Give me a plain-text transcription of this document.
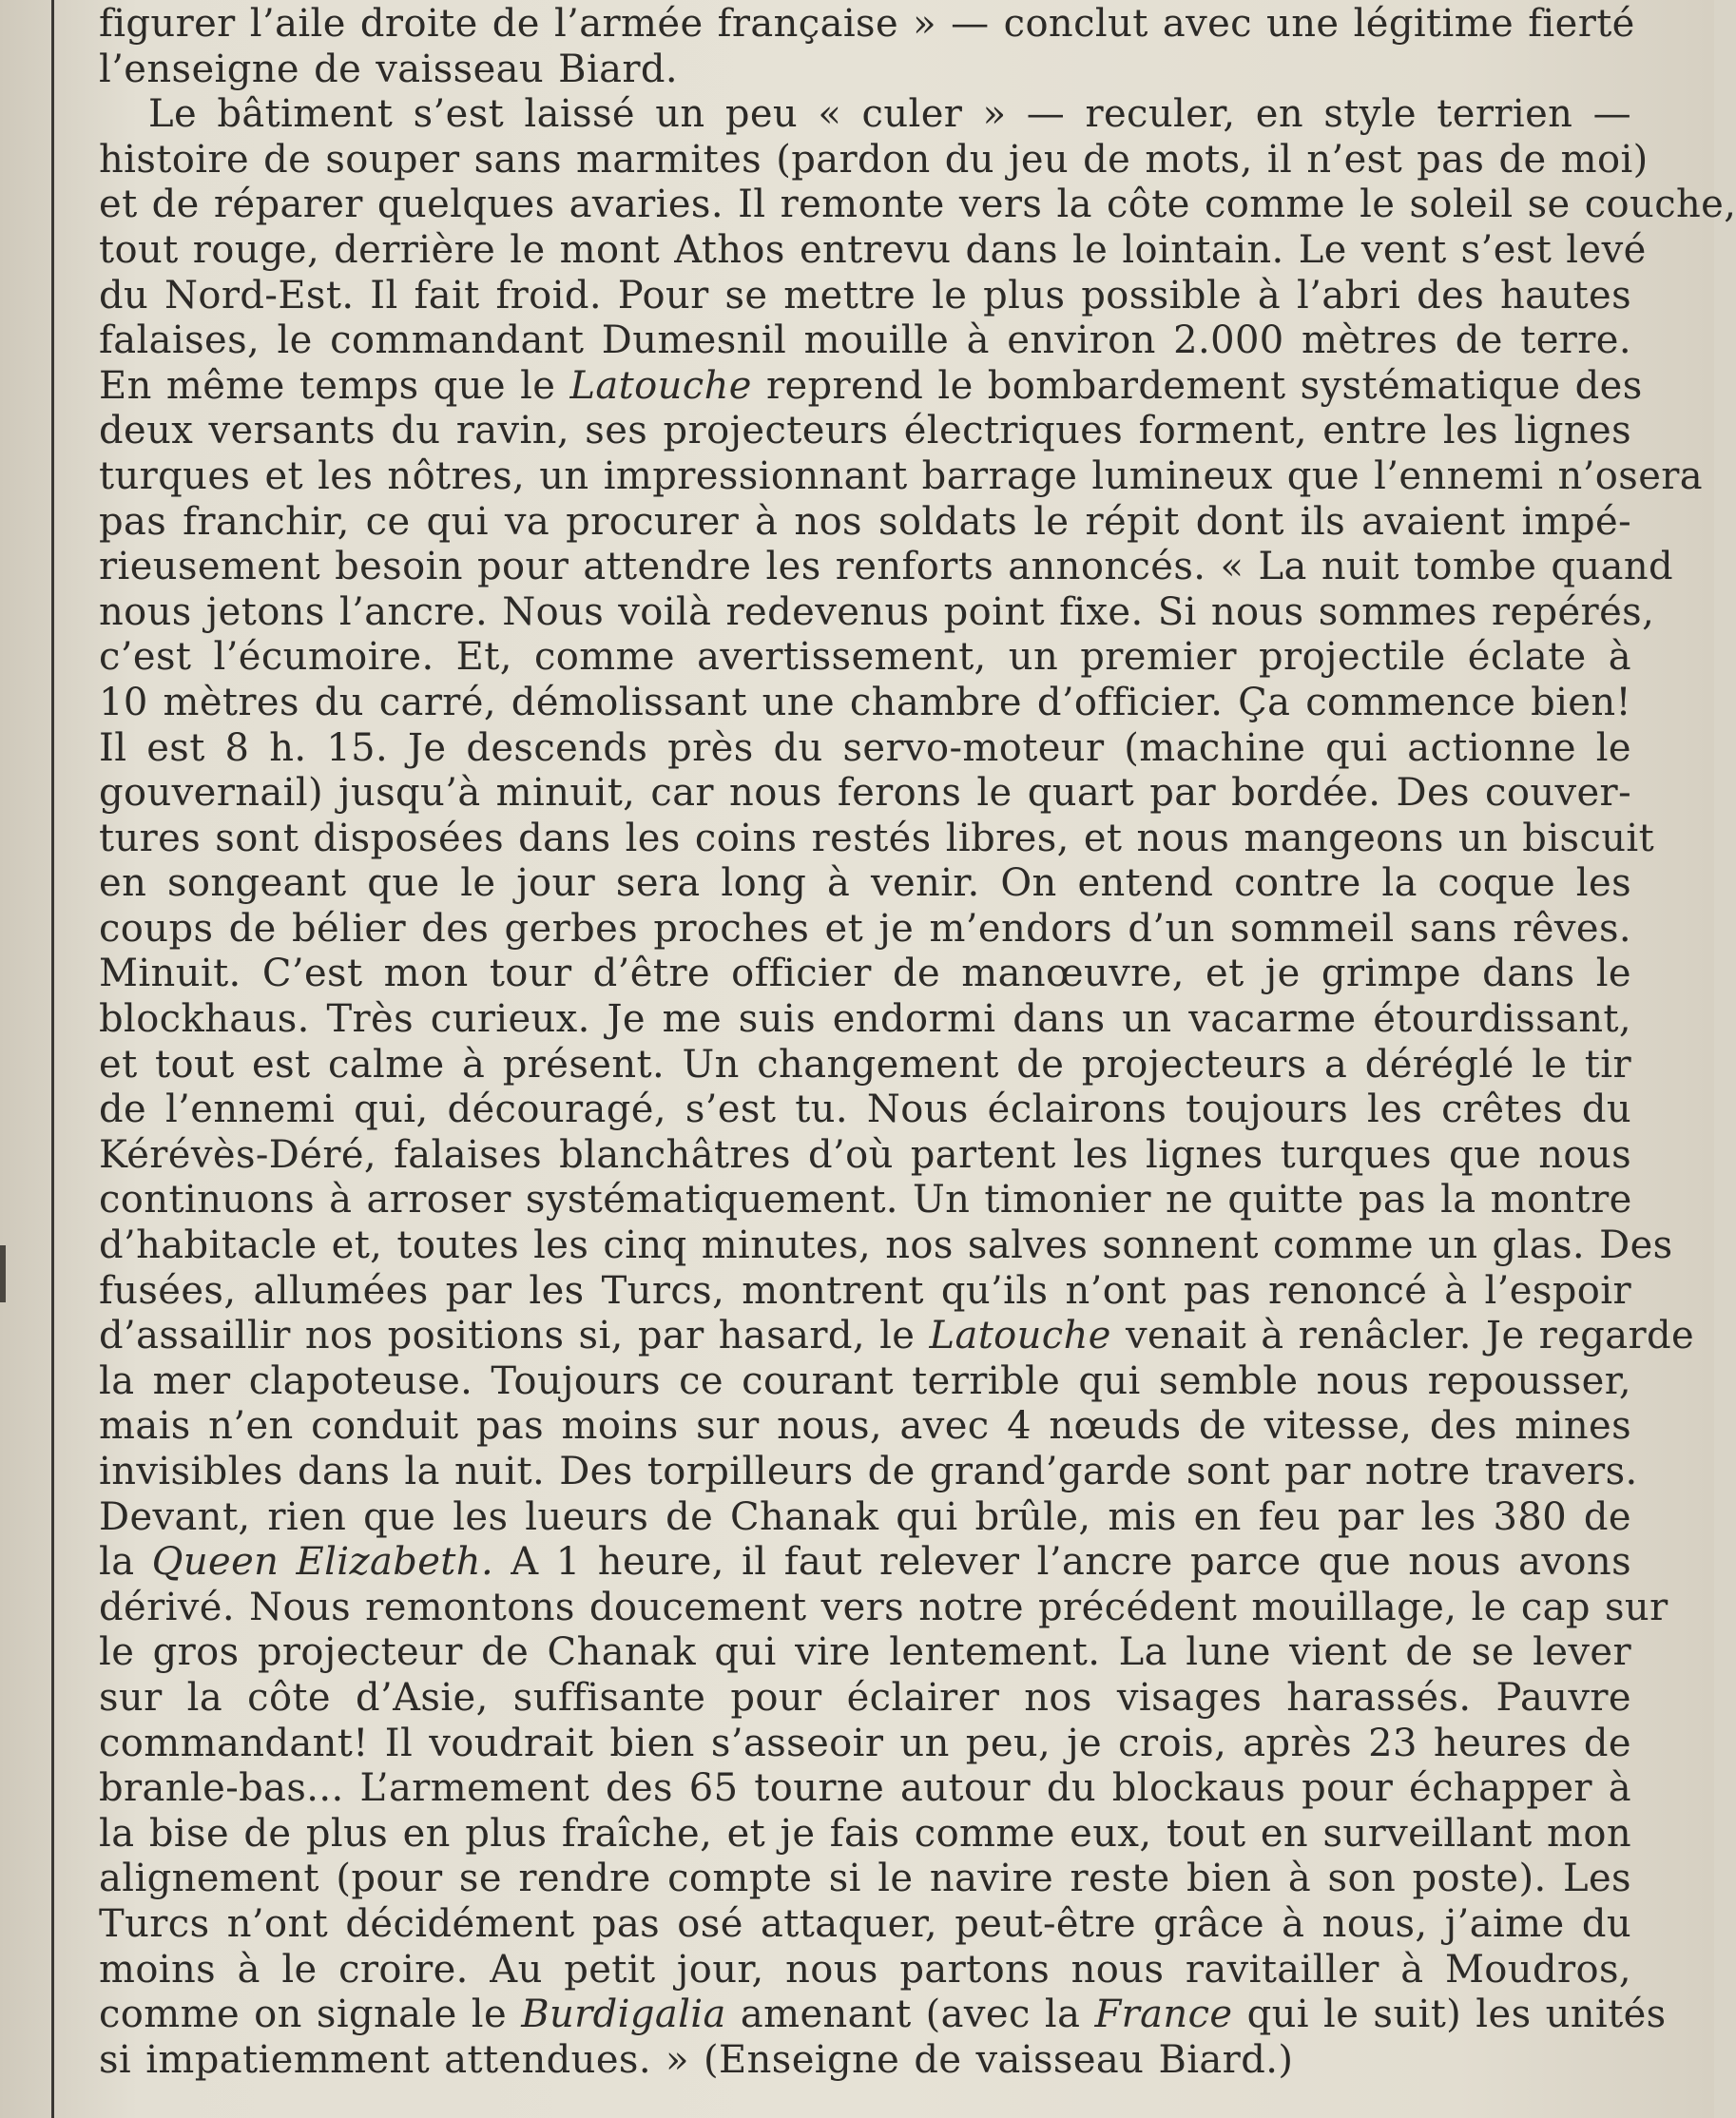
figurer l’aile droite de l’armée française » — conclut avec une légitime fierté
l’enseigne de vaisseau Biard.
Le bâtiment s’est laissé un peu « culer » — reculer, en style terrien —
histoire de souper sans marmites (pardon du jeu de mots, il n’est pas de moi)
et de réparer quelques avaries. Il remonte vers la côte comme le soleil se couche,
tout rouge, derrière le mont Athos entrevu dans le lointain. Le vent s’est levé
du Nord-Est. Il fait froid. Pour se mettre le plus possible à l’abri des hautes
falaises, le commandant Dumesnil mouille à environ 2.000 mètres de terre.
En même temps que le Latouche reprend le bombardement systématique des
deux versants du ravin, ses projecteurs électriques forment, entre les lignes
turques et les nôtres, un impressionnant barrage lumineux que l’ennemi n’osera
pas franchir, ce qui va procurer à nos soldats le répit dont ils avaient impé-
rieusement besoin pour attendre les renforts annoncés. « La nuit tombe quand
nous jetons l’ancre. Nous voilà redevenus point fixe. Si nous sommes repérés,
c’est l’écumoire. Et, comme avertissement, un premier projectile éclate à
10 mètres du carré, démolissant une chambre d’officier. Ça commence bien!
Il est 8 h. 15. Je descends près du servo-moteur (machine qui actionne le
gouvernail) jusqu’à minuit, car nous ferons le quart par bordée. Des couver-
tures sont disposées dans les coins restés libres, et nous mangeons un biscuit
en songeant que le jour sera long à venir. On entend contre la coque les
coups de bélier des gerbes proches et je m’endors d’un sommeil sans rêves.
Minuit. C’est mon tour d’être officier de manœuvre, et je grimpe dans le
blockhaus. Très curieux. Je me suis endormi dans un vacarme étourdissant,
et tout est calme à présent. Un changement de projecteurs a déréglé le tir
de l’ennemi qui, découragé, s’est tu. Nous éclairons toujours les crêtes du
Kérévès-Déré, falaises blanchâtres d’où partent les lignes turques que nous
continuons à arroser systématiquement. Un timonier ne quitte pas la montre
d’habitacle et, toutes les cinq minutes, nos salves sonnent comme un glas. Des
fusées, allumées par les Turcs, montrent qu’ils n’ont pas renoncé à l’espoir
d’assaillir nos positions si, par hasard, le Latouche venait à renâcler. Je regarde
la mer clapoteuse. Toujours ce courant terrible qui semble nous repousser,
mais n’en conduit pas moins sur nous, avec 4 nœuds de vitesse, des mines
invisibles dans la nuit. Des torpilleurs de grand’garde sont par notre travers.
Devant, rien que les lueurs de Chanak qui brûle, mis en feu par les 380 de
la Queen Elizabeth. A 1 heure, il faut relever l’ancre parce que nous avons
dérivé. Nous remontons doucement vers notre précédent mouillage, le cap sur
le gros projecteur de Chanak qui vire lentement. La lune vient de se lever
sur la côte d’Asie, suffisante pour éclairer nos visages harassés. Pauvre
commandant! Il voudrait bien s’asseoir un peu, je crois, après 23 heures de
branle-bas... L’armement des 65 tourne autour du blockaus pour échapper à
la bise de plus en plus fraîche, et je fais comme eux, tout en surveillant mon
alignement (pour se rendre compte si le navire reste bien à son poste). Les
Turcs n’ont décidément pas osé attaquer, peut-être grâce à nous, j’aime du
moins à le croire. Au petit jour, nous partons nous ravitailler à Moudros,
comme on signale le Burdigalia amenant (avec la France qui le suit) les unités
si impatiemment attendues. » (Enseigne de vaisseau Biard.)
